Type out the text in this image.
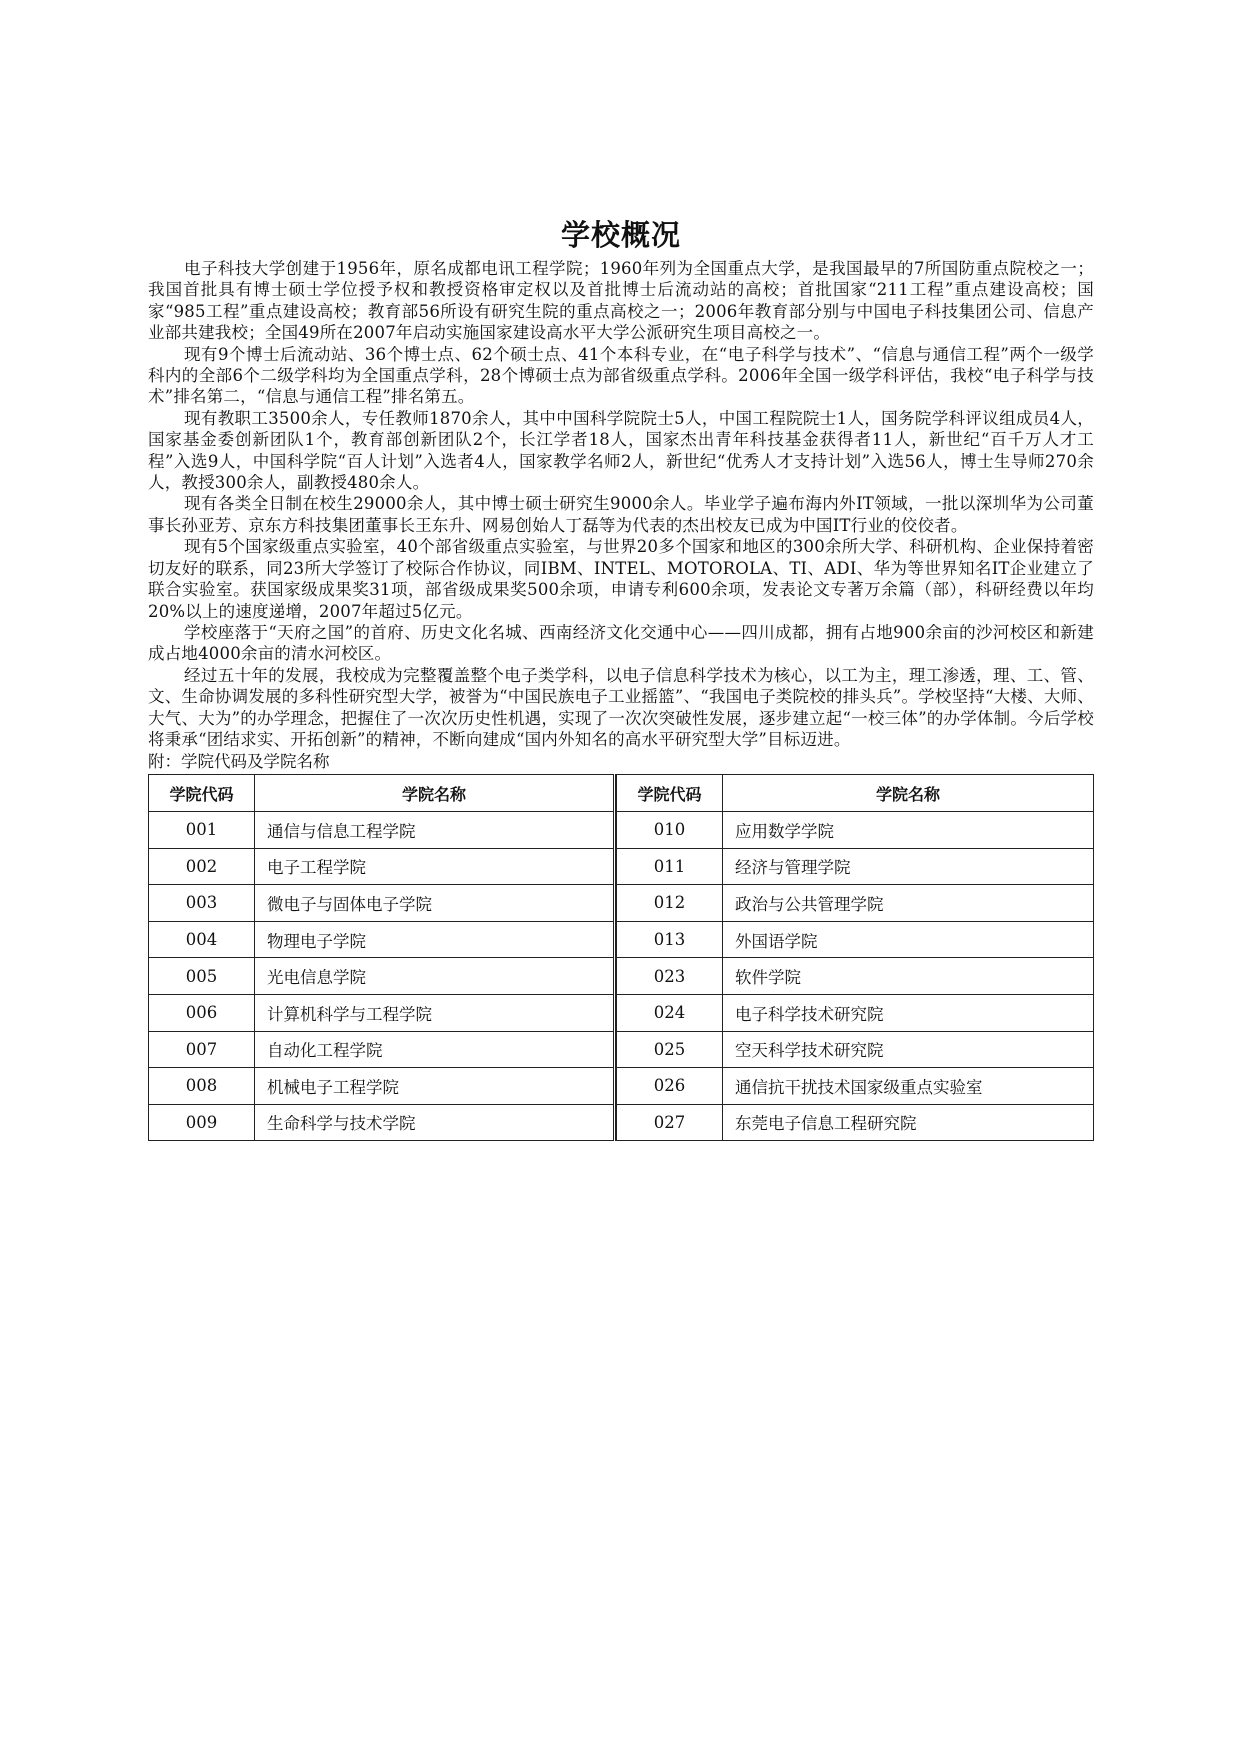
学校概况

电子科技大学创建于1956年，原名成都电讯工程学院；1960年列为全国重点大学，是我国最早的7所国防重点院校之一；我国首批具有博士硕士学位授予权和教授资格审定权以及首批博士后流动站的高校；首批国家“211工程”重点建设高校；国家“985工程”重点建设高校；教育部56所设有研究生院的重点高校之一；2006年教育部分别与中国电子科技集团公司、信息产业部共建我校；全国49所在2007年启动实施国家建设高水平大学公派研究生项目高校之一。

现有9个博士后流动站、36个博士点、62个硕士点、41个本科专业，在“电子科学与技术”、“信息与通信工程”两个一级学科内的全部6个二级学科均为全国重点学科，28个博硕士点为部省级重点学科。2006年全国一级学科评估，我校“电子科学与技术”排名第二，“信息与通信工程”排名第五。

现有教职工3500余人，专任教师1870余人，其中中国科学院院士5人，中国工程院院士1人，国务院学科评议组成员4人，国家基金委创新团队1个，教育部创新团队2个，长江学者18人，国家杰出青年科技基金获得者11人，新世纪“百千万人才工程”入选9人，中国科学院“百人计划”入选者4人，国家教学名师2人，新世纪“优秀人才支持计划”入选56人，博士生导师270余人，教授300余人，副教授480余人。

现有各类全日制在校生29000余人，其中博士硕士研究生9000余人。毕业学子遍布海内外IT领域，一批以深圳华为公司董事长孙亚芳、京东方科技集团董事长王东升、网易创始人丁磊等为代表的杰出校友已成为中国IT行业的佼佼者。

现有5个国家级重点实验室，40个部省级重点实验室，与世界20多个国家和地区的300余所大学、科研机构、企业保持着密切友好的联系，同23所大学签订了校际合作协议，同IBM、INTEL、MOTOROLA、TI、ADI、华为等世界知名IT企业建立了联合实验室。获国家级成果奖31项，部省级成果奖500余项，申请专利600余项，发表论文专著万余篇（部），科研经费以年均20%以上的速度递增，2007年超过5亿元。

学校座落于“天府之国”的首府、历史文化名城、西南经济文化交通中心——四川成都，拥有占地900余亩的沙河校区和新建成占地4000余亩的清水河校区。

经过五十年的发展，我校成为完整覆盖整个电子类学科，以电子信息科学技术为核心，以工为主，理工渗透，理、工、管、文、生命协调发展的多科性研究型大学，被誉为“中国民族电子工业摇篮”、“我国电子类院校的排头兵”。学校坚持“大楼、大师、大气、大为”的办学理念，把握住了一次次历史性机遇，实现了一次次突破性发展，逐步建立起“一校三体”的办学体制。今后学校将秉承“团结求实、开拓创新”的精神，不断向建成“国内外知名的高水平研究型大学”目标迈进。

附：学院代码及学院名称
学院代码	学院名称
001	通信与信息工程学院
002	电子工程学院
003	微电子与固体电子学院
004	物理电子学院
005	光电信息学院
006	计算机科学与工程学院
007	自动化工程学院
008	机械电子工程学院
009	生命科学与技术学院
学院代码	学院名称
010	应用数学学院
011	经济与管理学院
012	政治与公共管理学院
013	外国语学院
023	软件学院
024	电子科学技术研究院
025	空天科学技术研究院
026	通信抗干扰技术国家级重点实验室
027	东莞电子信息工程研究院
